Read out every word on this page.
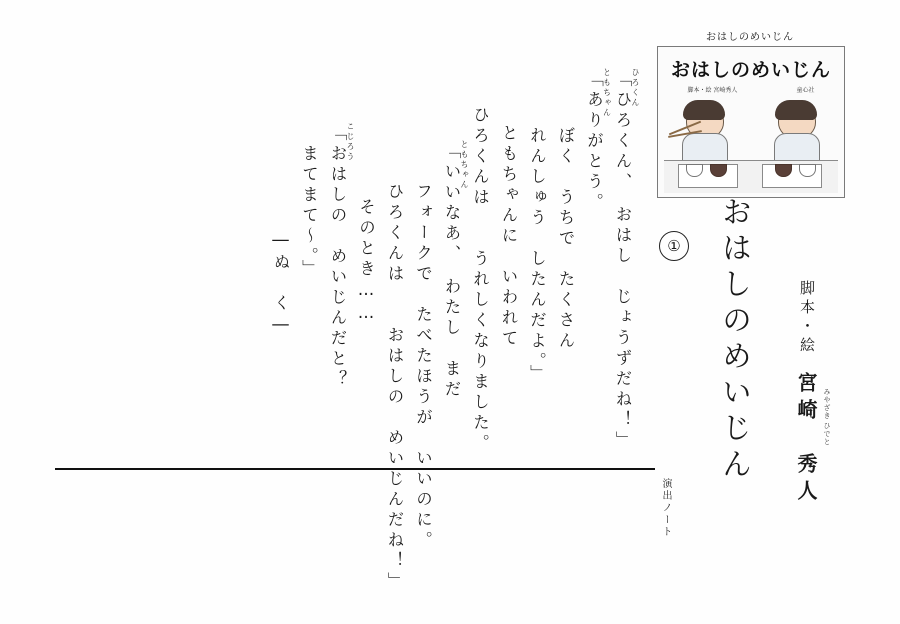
おはしのめいじん
おはしのめいじん
脚本・絵 宮崎秀人	童心社
おはしのめいじん	脚本・絵
宮崎　秀人 みやざき
ひでと
①
ひろくん
「ひろくん、　おはし　じょうずだね！」
ともちゃん
「ありがとう。
　ぼく　うちで　たくさん
　れんしゅう　したんだよ。」
ともちゃんに　いわれて
ひろくんは　　うれしくなりました。
ともちゃん
「いいなあ、　わたし　まだ
　フォークで　たべたほうが　いいのに。
　ひろくんは　　おはしの　めいじんだね！」
そのとき……
こじろう
「おはしの　めいじんだと？
　まてまて〜。」
―ぬ　く―
演出ノート
